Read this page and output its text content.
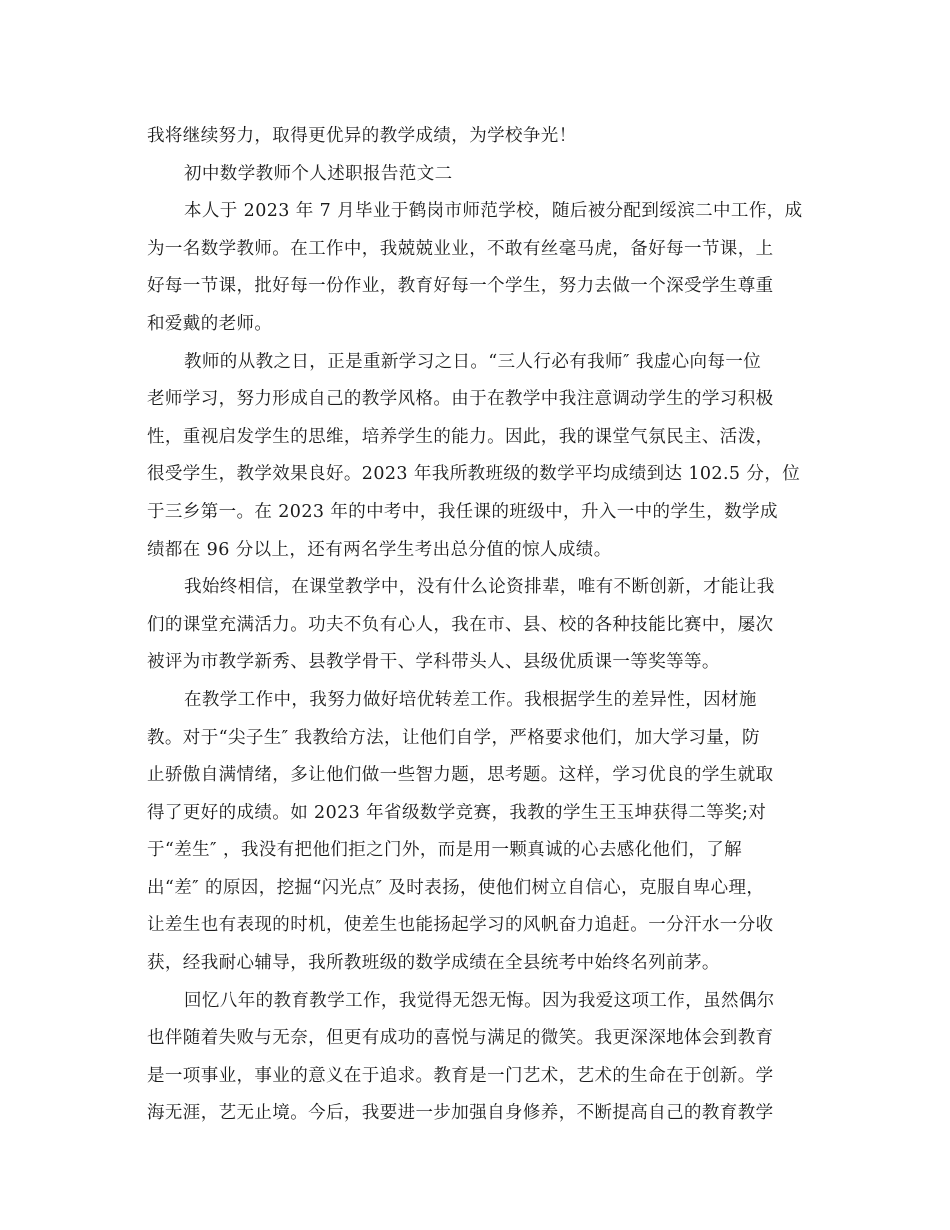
我将继续努力，取得更优异的教学成绩，为学校争光！
初中数学教师个人述职报告范文二
本人于 2023 年 7 月毕业于鹤岗市师范学校，随后被分配到绥滨二中工作，成
为一名数学教师。在工作中，我兢兢业业，不敢有丝毫马虎，备好每一节课，上
好每一节课，批好每一份作业，教育好每一个学生，努力去做一个深受学生尊重
和爱戴的老师。
教师的从教之日，正是重新学习之日。“三人行必有我师″ 我虚心向每一位
老师学习，努力形成自己的教学风格。由于在教学中我注意调动学生的学习积极
性，重视启发学生的思维，培养学生的能力。因此，我的课堂气氛民主、活泼，
很受学生，教学效果良好。2023 年我所教班级的数学平均成绩到达 102.5 分，位
于三乡第一。在 2023 年的中考中，我任课的班级中，升入一中的学生，数学成
绩都在 96 分以上，还有两名学生考出总分值的惊人成绩。
我始终相信，在课堂教学中，没有什么论资排辈，唯有不断创新，才能让我
们的课堂充满活力。功夫不负有心人，我在市、县、校的各种技能比赛中，屡次
被评为市教学新秀、县教学骨干、学科带头人、县级优质课一等奖等等。
在教学工作中，我努力做好培优转差工作。我根据学生的差异性，因材施
教。对于“尖子生″ 我教给方法，让他们自学，严格要求他们，加大学习量，防
止骄傲自满情绪，多让他们做一些智力题，思考题。这样，学习优良的学生就取
得了更好的成绩。如 2023 年省级数学竞赛，我教的学生王玉坤获得二等奖;对
于“差生″ ，我没有把他们拒之门外，而是用一颗真诚的心去感化他们，了解
出“差″ 的原因，挖掘“闪光点″ 及时表扬，使他们树立自信心，克服自卑心理，
让差生也有表现的时机，使差生也能扬起学习的风帆奋力追赶。一分汗水一分收
获，经我耐心辅导，我所教班级的数学成绩在全县统考中始终名列前茅。
回忆八年的教育教学工作，我觉得无怨无悔。因为我爱这项工作，虽然偶尔
也伴随着失败与无奈，但更有成功的喜悦与满足的微笑。我更深深地体会到教育
是一项事业，事业的意义在于追求。教育是一门艺术，艺术的生命在于创新。学
海无涯，艺无止境。今后，我要进一步加强自身修养，不断提高自己的教育教学
